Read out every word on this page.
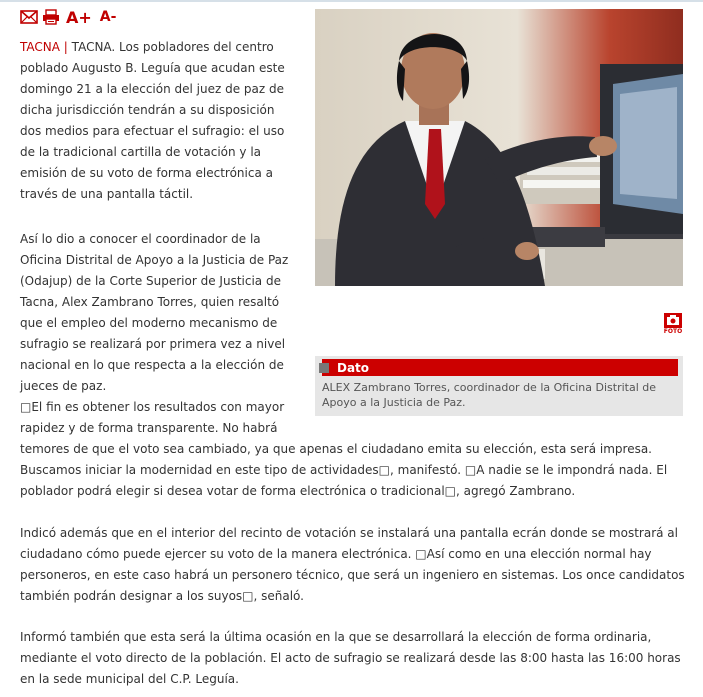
A+ A-

TACNA | TACNA. Los pobladores del centro poblado Augusto B. Leguía que acudan este domingo 21 a la elección del juez de paz de dicha jurisdicción tendrán a su disposición dos medios para efectuar el sufragio: el uso de la tradicional cartilla de votación y la emisión de su voto de forma electrónica a través de una pantalla táctil.

Así lo dio a conocer el coordinador de la Oficina Distrital de Apoyo a la Justicia de Paz (Odajup) de la Corte Superior de Justicia de Tacna, Alex Zambrano Torres, quien resaltó que el empleo del moderno mecanismo de sufragio se realizará por primera vez a nivel nacional en lo que respecta a la elección de jueces de paz.

□El fin es obtener los resultados con mayor rapidez y de forma transparente. No habrá

temores de que el voto sea cambiado, ya que apenas el ciudadano emita su elección, esta será impresa. Buscamos iniciar la modernidad en este tipo de actividades□, manifestó. □A nadie se le impondrá nada. El poblador podrá elegir si desea votar de forma electrónica o tradicional□, agregó Zambrano.

Indicó además que en el interior del recinto de votación se instalará una pantalla ecrán donde se mostrará al ciudadano cómo puede ejercer su voto de la manera electrónica. □Así como en una elección normal hay personeros, en este caso habrá un personero técnico, que será un ingeniero en sistemas. Los once candidatos también podrán designar a los suyos□, señaló.

Informó también que esta será la última ocasión en la que se desarrollará la elección de forma ordinaria, mediante el voto directo de la población. El acto de sufragio se realizará desde las 8:00 hasta las 16:00 horas en la sede municipal del C.P. Leguía.

FOTO
Dato
ALEX Zambrano Torres, coordinador de la Oficina Distrital de Apoyo a la Justicia de Paz.
